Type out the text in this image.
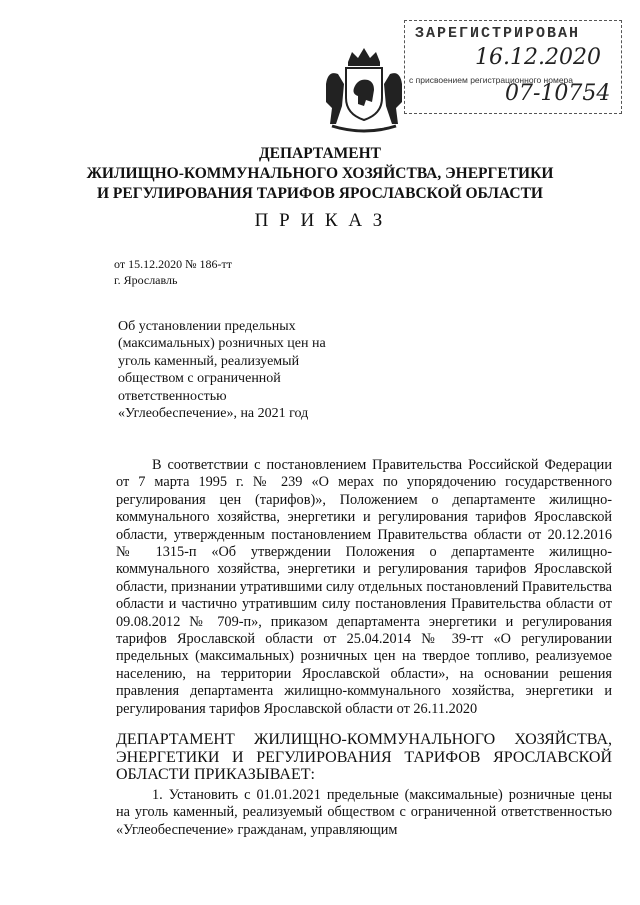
ЗАРЕГИСТРИРОВАН
16.12.2020
с присвоением регистрационного номера
07-10754
ДЕПАРТАМЕНТ
ЖИЛИЩНО-КОММУНАЛЬНОГО ХОЗЯЙСТВА, ЭНЕРГЕТИКИ
И РЕГУЛИРОВАНИЯ ТАРИФОВ ЯРОСЛАВСКОЙ ОБЛАСТИ
П Р И К А З
от 15.12.2020 № 186-тт
г. Ярославль
Об установлении предельных (максимальных) розничных цен на уголь каменный, реализуемый обществом с ограниченной ответственностью «Углеобеспечение», на 2021 год

В соответствии с постановлением Правительства Российской Федерации от 7 марта 1995 г. № 239 «О мерах по упорядочению государственного регулирования цен (тарифов)», Положением о департаменте жилищно-коммунального хозяйства, энергетики и регулирования тарифов Ярославской области, утвержденным постановлением Правительства области от 20.12.2016 № 1315-п «Об утверждении Положения о департаменте жилищно-коммунального хозяйства, энергетики и регулирования тарифов Ярославской области, признании утратившими силу отдельных постановлений Правительства области и частично утратившим силу постановления Правительства области от 09.08.2012 № 709-п», приказом департамента энергетики и регулирования тарифов Ярославской области от 25.04.2014 № 39-тт «О регулировании предельных (максимальных) розничных цен на твердое топливо, реализуемое населению, на территории Ярославской области», на основании решения правления департамента жилищно-коммунального хозяйства, энергетики и регулирования тарифов Ярославской области от 26.11.2020

ДЕПАРТАМЕНТ ЖИЛИЩНО-КОММУНАЛЬНОГО ХОЗЯЙСТВА, ЭНЕРГЕТИКИ И РЕГУЛИРОВАНИЯ ТАРИФОВ ЯРОСЛАВСКОЙ ОБЛАСТИ ПРИКАЗЫВАЕТ:
1. Установить с 01.01.2021 предельные (максимальные) розничные цены на уголь каменный, реализуемый обществом с ограниченной ответственностью «Углеобеспечение» гражданам, управляющим
